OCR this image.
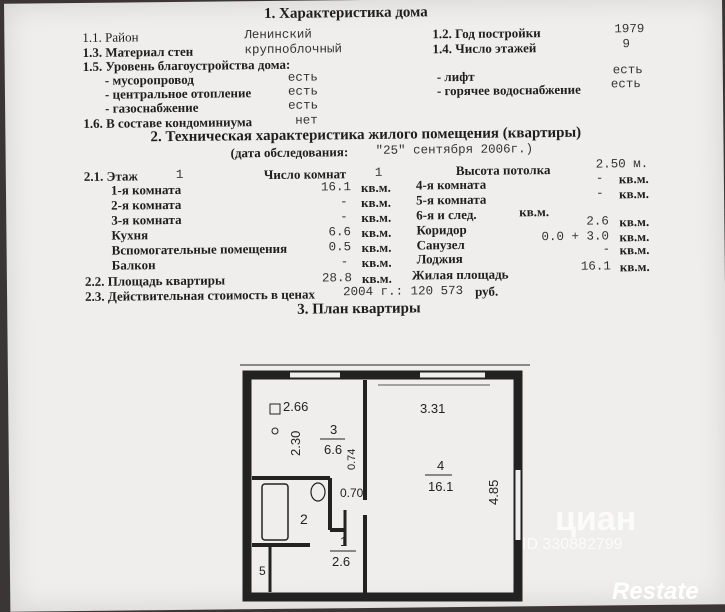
1. Характеристика дома
1.1. Район	Ленинский
1.3. Материал стен	крупноблочный
1.5. Уровень благоустройства дома:
- мусоропровод	есть
- центральное отопление	есть
- газоснабжение	есть
1.6. В составе кондоминиума	нет
1.2. Год постройки	1979
1.4. Число этажей	9
- лифт	есть
- горячее водоснабжение есть
2. Техническая характеристика жилого помещения (квартиры)
(дата обследования: "25" сентября 2006г.)
2.1. Этаж	1	Число комнат 1	Высота потолка	2.50 м.
1-я комната	16.1 кв.м.
2-я комната	- кв.м.
3-я комната	- кв.м.
Кухня	6.6 кв.м.
Вспомогательные помещения	0.5 кв.м.
Балкон	- кв.м.
4-я комната	- кв.м.
5-я комната	- кв.м.
6-я и след.	кв.м.
Коридор
2.6 кв.м.
Санузел
0.0 + 3.0 кв.м.
Лоджия
- кв.м.
2.2. Площадь квартиры	28.8 кв.м. Жилая площадь	16.1 кв.м.
2.3. Действительная стоимость в ценах 2004 г.: 120 573 руб.
3. План квартиры
2.66	3.31
2.30
4.85
0.74
0.70
3
6.6
4
16.1
2
1
2.6
5
циан
ID 330882799
Restate
